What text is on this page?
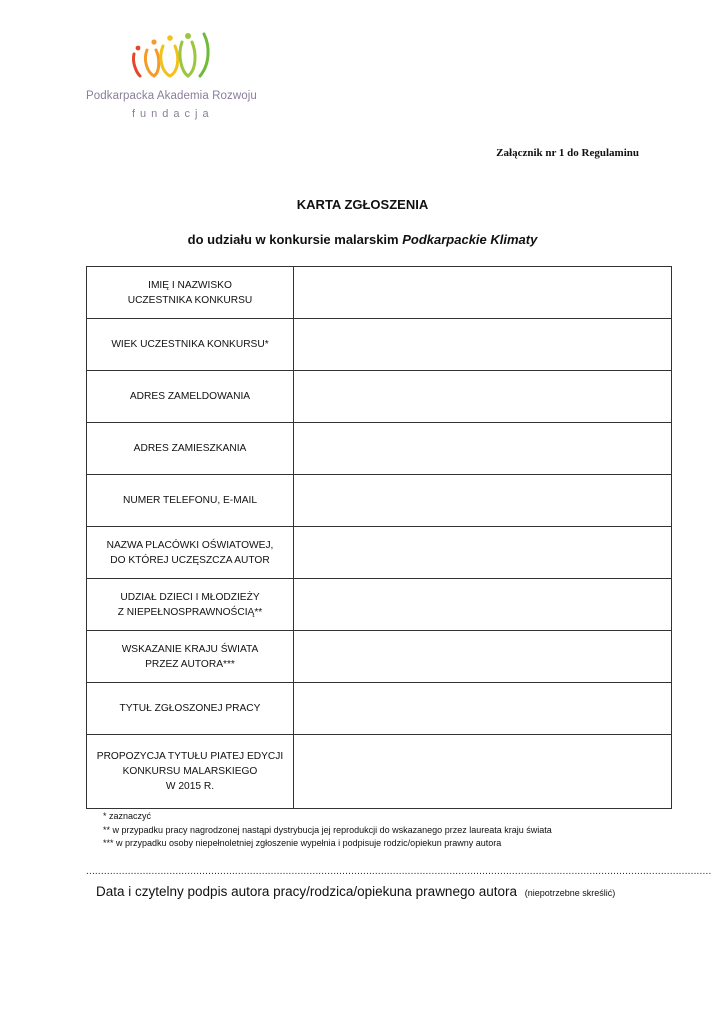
Podkarpacka Akademia Rozwoju
fundacja
Załącznik nr 1 do Regulaminu
KARTA ZGŁOSZENIA
do udziału w konkursie malarskim Podkarpackie Klimaty
IMIĘ I NAZWISKO
UCZESTNIKA KONKURSU	
WIEK UCZESTNIKA KONKURSU*	
ADRES ZAMELDOWANIA	
ADRES ZAMIESZKANIA	
NUMER TELEFONU, E-MAIL	
NAZWA PLACÓWKI OŚWIATOWEJ,
DO KTÓREJ UCZĘSZCZA AUTOR	
UDZIAŁ DZIECI I MŁODZIEŻY
Z NIEPEŁNOSPRAWNOŚCIĄ**	
WSKAZANIE KRAJU ŚWIATA
PRZEZ AUTORA***	
TYTUŁ ZGŁOSZONEJ PRACY	
PROPOZYCJA TYTUŁU PIATEJ EDYCJI
KONKURSU MALARSKIEGO
W 2015 R.	
* zaznaczyć
** w przypadku pracy nagrodzonej nastąpi dystrybucja jej reprodukcji do wskazanego przez laureata kraju świata
*** w przypadku osoby niepełnoletniej zgłoszenie wypełnia i podpisuje rodzic/opiekun prawny autora
..................................................................................................................................................................................................................
Data i czytelny podpis autora pracy/rodzica/opiekuna prawnego autora (niepotrzebne skreślić)
